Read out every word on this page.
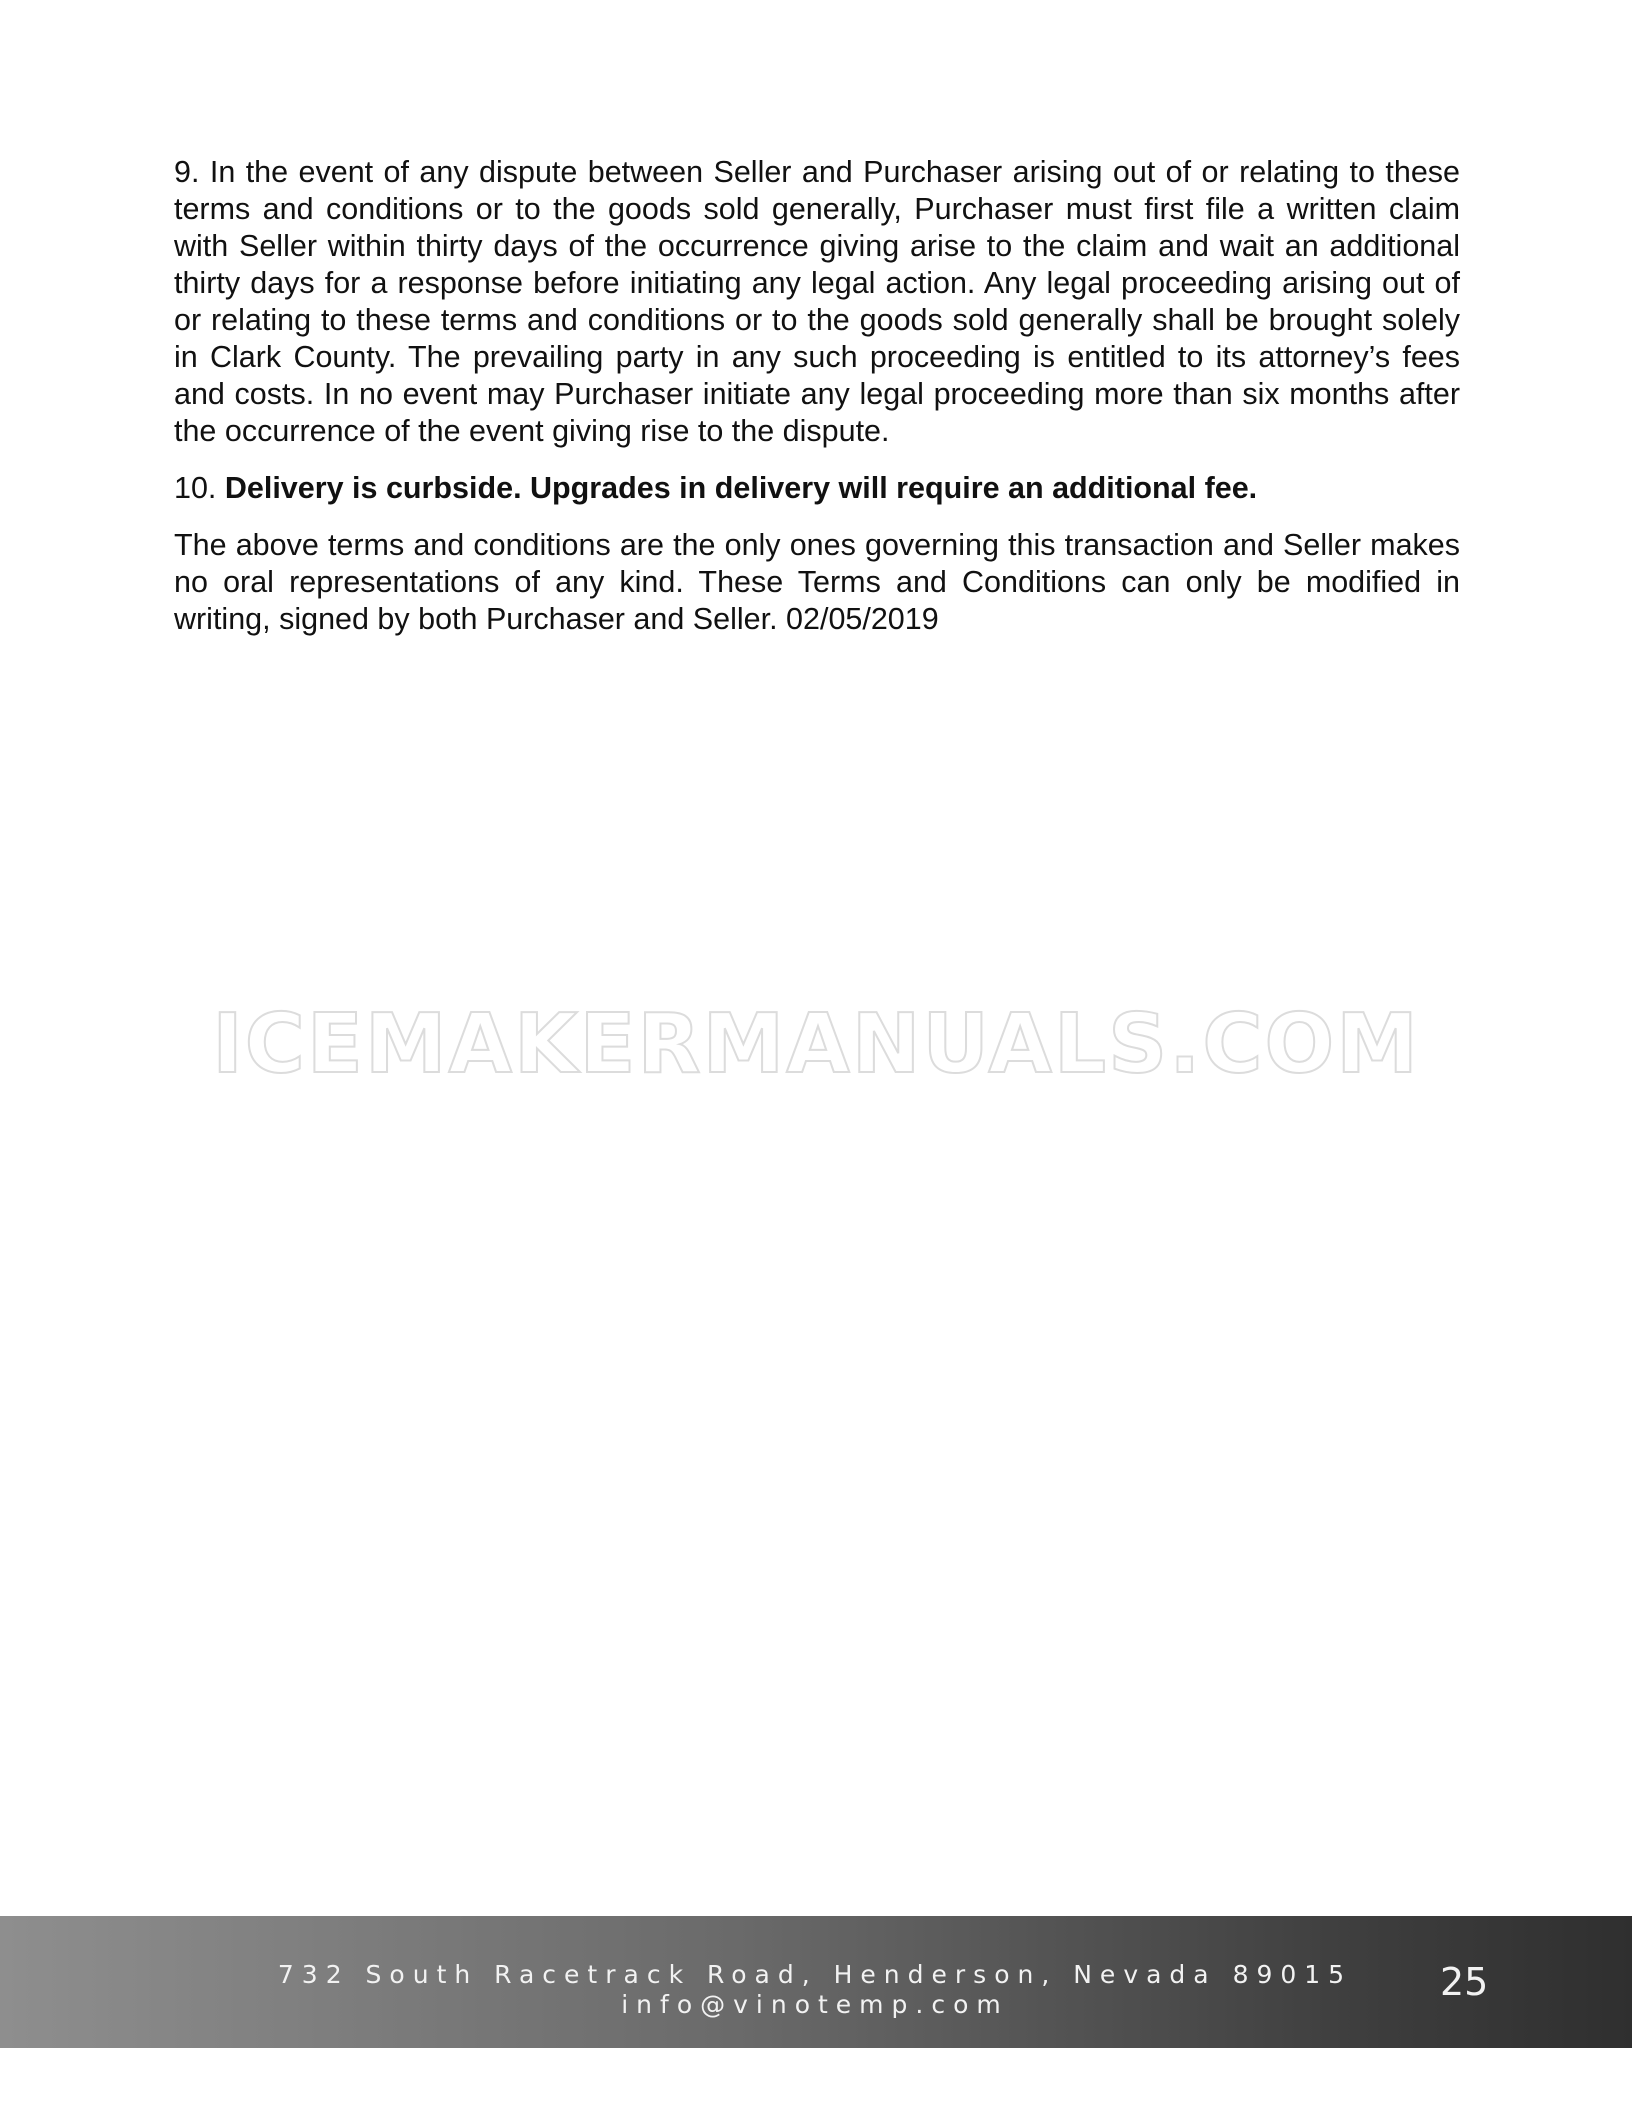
9. In the event of any dispute between Seller and Purchaser arising out of or relating to these terms and conditions or to the goods sold generally, Purchaser must first file a written claim with Seller within thirty days of the occurrence giving arise to the claim and wait an additional thirty days for a response before initiating any legal action. Any legal proceeding arising out of or relating to these terms and conditions or to the goods sold generally shall be brought solely in Clark County. The prevailing party in any such proceeding is entitled to its attorney’s fees and costs. In no event may Purchaser initiate any legal proceeding more than six months after the occurrence of the event giving rise to the dispute.

10. Delivery is curbside. Upgrades in delivery will require an additional fee.

The above terms and conditions are the only ones governing this transaction and Seller makes no oral representations of any kind. These Terms and Conditions can only be modified in writing, signed by both Purchaser and Seller. 02/05/2019

ICEMAKERMANUALS.COM
732 South Racetrack Road, Henderson, Nevada 89015
info@vinotemp.com
25
